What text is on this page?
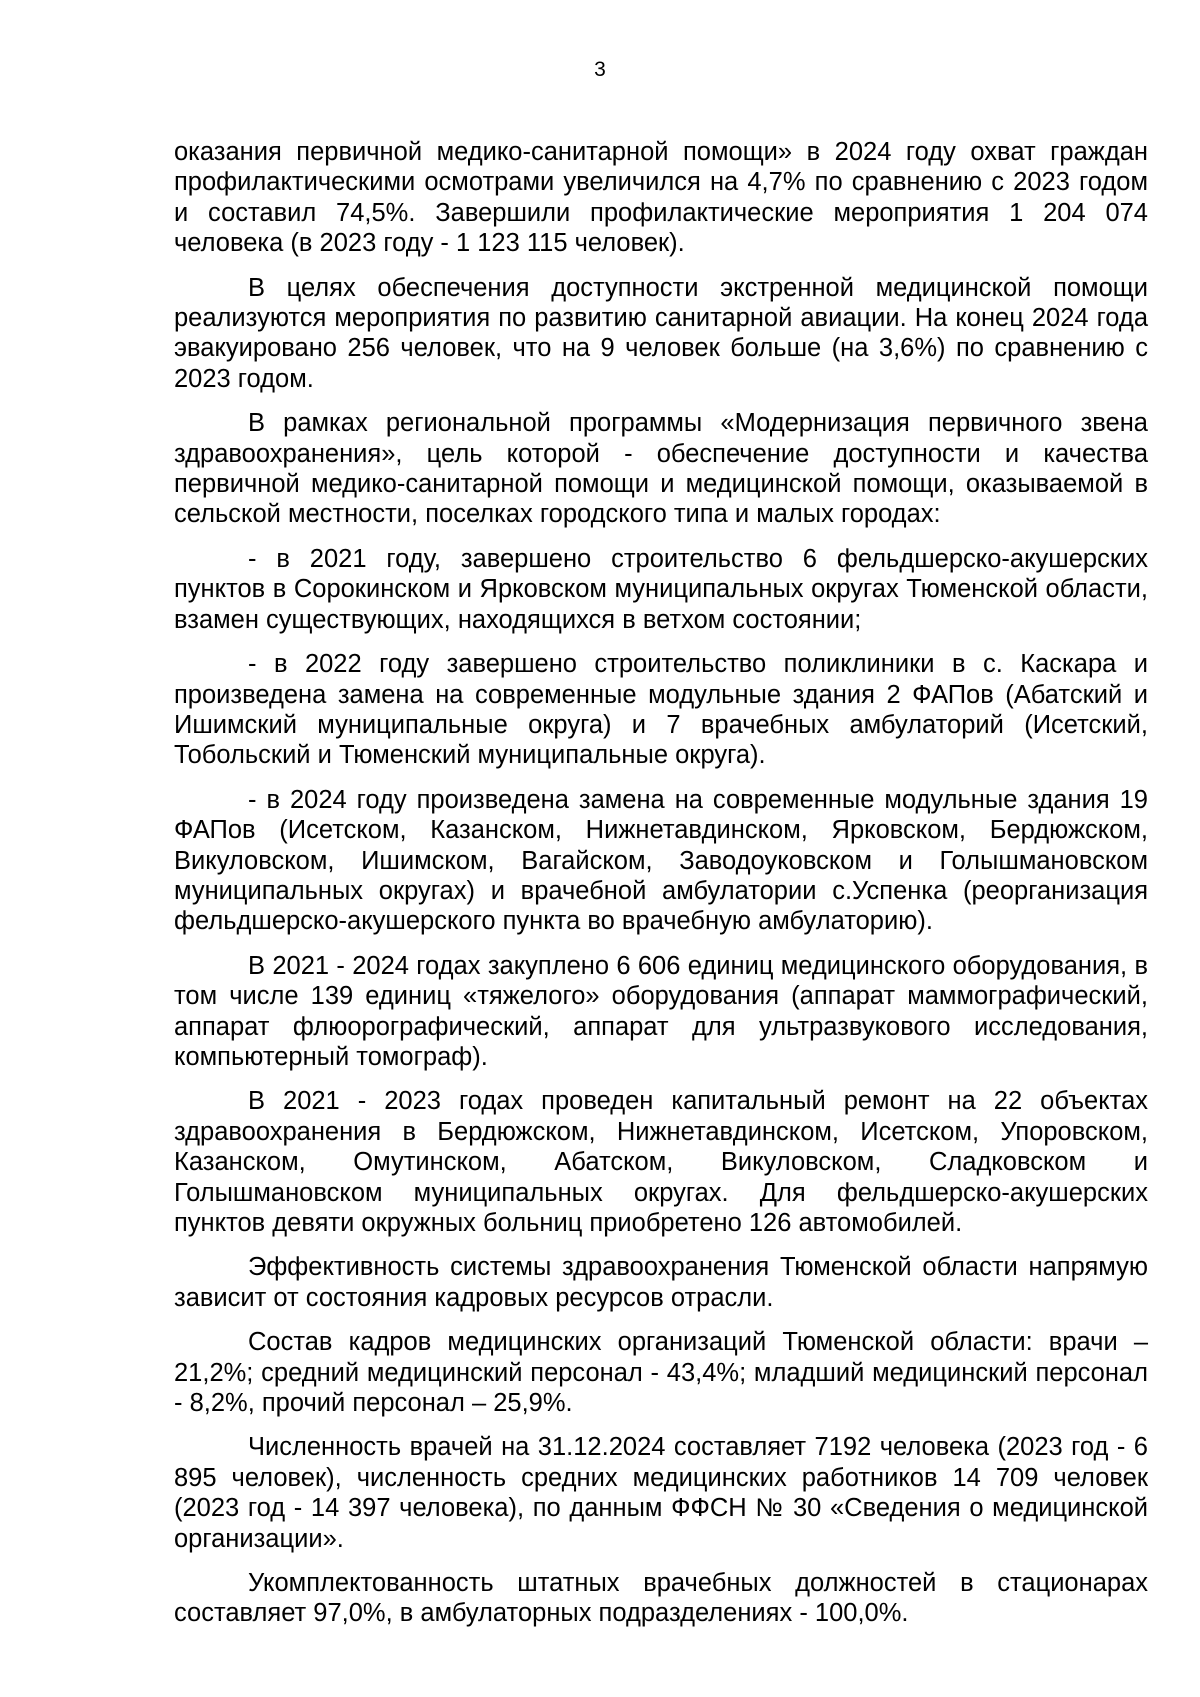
3

оказания первичной медико-санитарной помощи» в 2024 году охват граждан профилактическими осмотрами увеличился на 4,7% по сравнению с 2023 годом и составил 74,5%. Завершили профилактические мероприятия 1 204 074 человека (в 2023 году - 1 123 115 человек).

В целях обеспечения доступности экстренной медицинской помощи реализуются мероприятия по развитию санитарной авиации. На конец 2024 года эвакуировано 256 человек, что на 9 человек больше (на 3,6%) по сравнению с 2023 годом.

В рамках региональной программы «Модернизация первичного звена здравоохранения», цель которой - обеспечение доступности и качества первичной медико-санитарной помощи и медицинской помощи, оказываемой в сельской местности, поселках городского типа и малых городах:

- в 2021 году, завершено строительство 6 фельдшерско-акушерских пунктов в Сорокинском и Ярковском муниципальных округах Тюменской области, взамен существующих, находящихся в ветхом состоянии;

- в 2022 году завершено строительство поликлиники в с. Каскара и произведена замена на современные модульные здания 2 ФАПов (Абатский и Ишимский муниципальные округа) и 7 врачебных амбулаторий (Исетский, Тобольский и Тюменский муниципальные округа).

- в 2024 году произведена замена на современные модульные здания 19 ФАПов (Исетском, Казанском, Нижнетавдинском, Ярковском, Бердюжском, Викуловском, Ишимском, Вагайском, Заводоуковском и Голышмановском муниципальных округах) и врачебной амбулатории с.Успенка (реорганизация фельдшерско-акушерского пункта во врачебную амбулаторию).

В 2021 - 2024 годах закуплено 6 606 единиц медицинского оборудования, в том числе 139 единиц «тяжелого» оборудования (аппарат маммографический, аппарат флюорографический, аппарат для ультразвукового исследования, компьютерный томограф).

В 2021 - 2023 годах проведен капитальный ремонт на 22 объектах здравоохранения в Бердюжском, Нижнетавдинском, Исетском, Упоровском, Казанском, Омутинском, Абатском, Викуловском, Сладковском и Голышмановском муниципальных округах. Для фельдшерско-акушерских пунктов девяти окружных больниц приобретено 126 автомобилей.

Эффективность системы здравоохранения Тюменской области напрямую зависит от состояния кадровых ресурсов отрасли.

Состав кадров медицинских организаций Тюменской области: врачи – 21,2%; средний медицинский персонал - 43,4%; младший медицинский персонал - 8,2%, прочий персонал – 25,9%.

Численность врачей на 31.12.2024 составляет 7192 человека (2023 год - 6 895 человек), численность средних медицинских работников 14 709 человек (2023 год - 14 397 человека), по данным ФФСН № 30 «Сведения о медицинской организации».

Укомплектованность штатных врачебных должностей в стационарах составляет 97,0%, в амбулаторных подразделениях - 100,0%.
